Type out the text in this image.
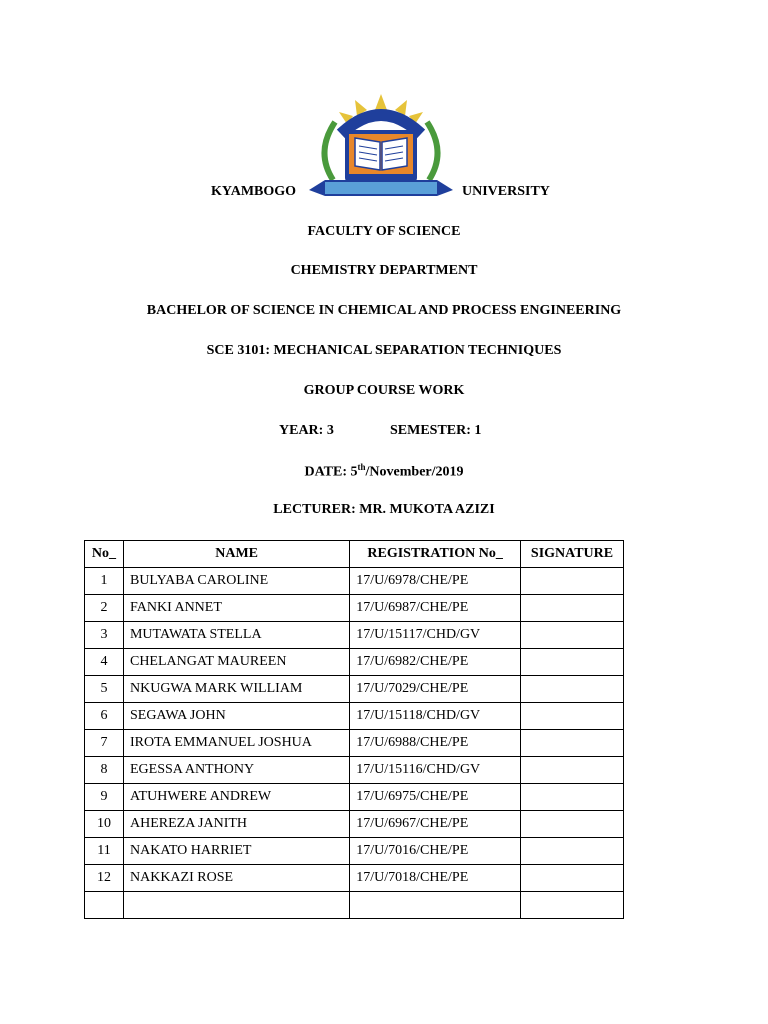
KYAMBOGO	UNIVERSITY
FACULTY OF SCIENCE
CHEMISTRY DEPARTMENT
BACHELOR OF SCIENCE IN CHEMICAL AND PROCESS ENGINEERING
SCE 3101: MECHANICAL SEPARATION TECHNIQUES
GROUP COURSE WORK
YEAR: 3	SEMESTER: 1
DATE: 5th/November/2019
LECTURER: MR. MUKOTA AZIZI
No_	NAME	REGISTRATION No_	SIGNATURE
1	BULYABA CAROLINE	17/U/6978/CHE/PE	
2	FANKI ANNET	17/U/6987/CHE/PE	
3	MUTAWATA STELLA	17/U/15117/CHD/GV	
4	CHELANGAT MAUREEN	17/U/6982/CHE/PE	
5	NKUGWA MARK WILLIAM	17/U/7029/CHE/PE	
6	SEGAWA JOHN	17/U/15118/CHD/GV	
7	IROTA EMMANUEL JOSHUA	17/U/6988/CHE/PE	
8	EGESSA ANTHONY	17/U/15116/CHD/GV	
9	ATUHWERE ANDREW	17/U/6975/CHE/PE	
10	AHEREZA JANITH	17/U/6967/CHE/PE	
11	NAKATO HARRIET	17/U/7016/CHE/PE	
12	NAKKAZI ROSE	17/U/7018/CHE/PE	
